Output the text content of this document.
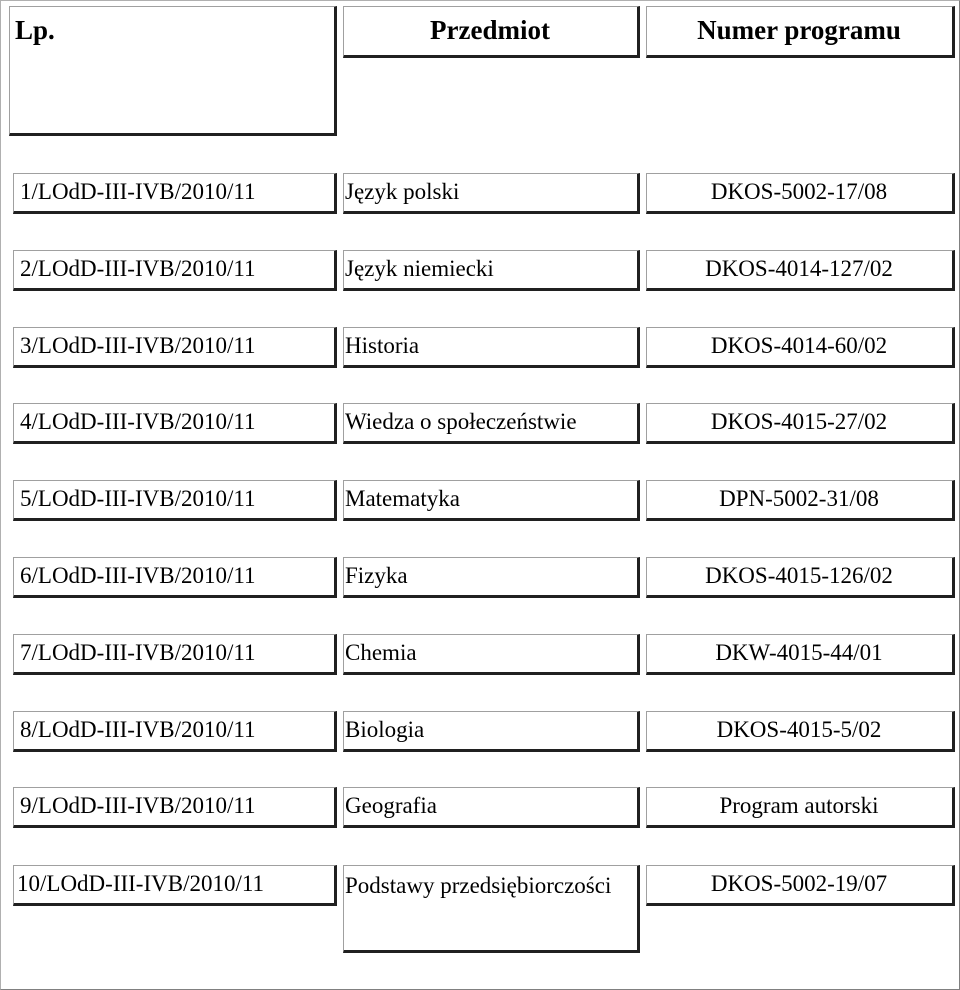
Lp.	Przedmiot	Numer programu
1/LOdD-III-IVB/2010/11	Język polski	DKOS-5002-17/08
2/LOdD-III-IVB/2010/11	Język niemiecki	DKOS-4014-127/02
3/LOdD-III-IVB/2010/11	Historia	DKOS-4014-60/02
4/LOdD-III-IVB/2010/11	Wiedza o społeczeństwie	DKOS-4015-27/02
5/LOdD-III-IVB/2010/11	Matematyka	DPN-5002-31/08
6/LOdD-III-IVB/2010/11	Fizyka	DKOS-4015-126/02
7/LOdD-III-IVB/2010/11	Chemia	DKW-4015-44/01
8/LOdD-III-IVB/2010/11	Biologia	DKOS-4015-5/02
9/LOdD-III-IVB/2010/11	Geografia	Program autorski
10/LOdD-III-IVB/2010/11	Podstawy przedsiębiorczości	DKOS-5002-19/07
